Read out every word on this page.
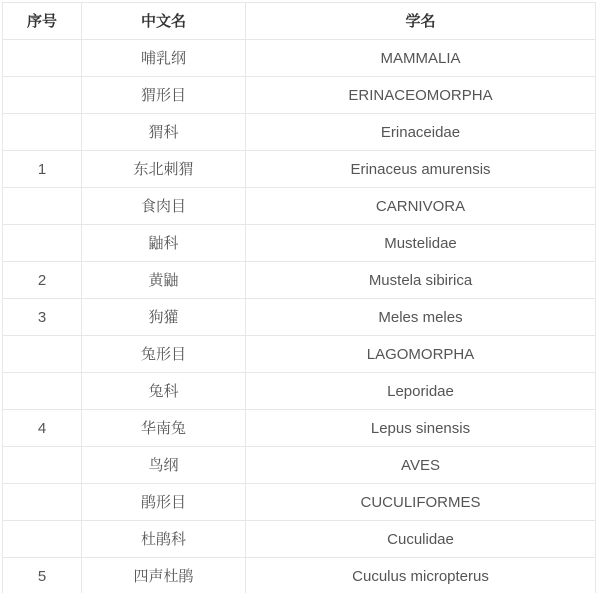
序号	中文名	学名
	哺乳纲	MAMMALIA
	猬形目	ERINACEOMORPHA
	猬科	Erinaceidae
1	东北刺猬	Erinaceus amurensis
	食肉目	CARNIVORA
	鼬科	Mustelidae
2	黄鼬	Mustela sibirica
3	狗獾	Meles meles
	兔形目	LAGOMORPHA
	兔科	Leporidae
4	华南兔	Lepus sinensis
	鸟纲	AVES
	鹃形目	CUCULIFORMES
	杜鹃科	Cuculidae
5	四声杜鹃	Cuculus micropterus
